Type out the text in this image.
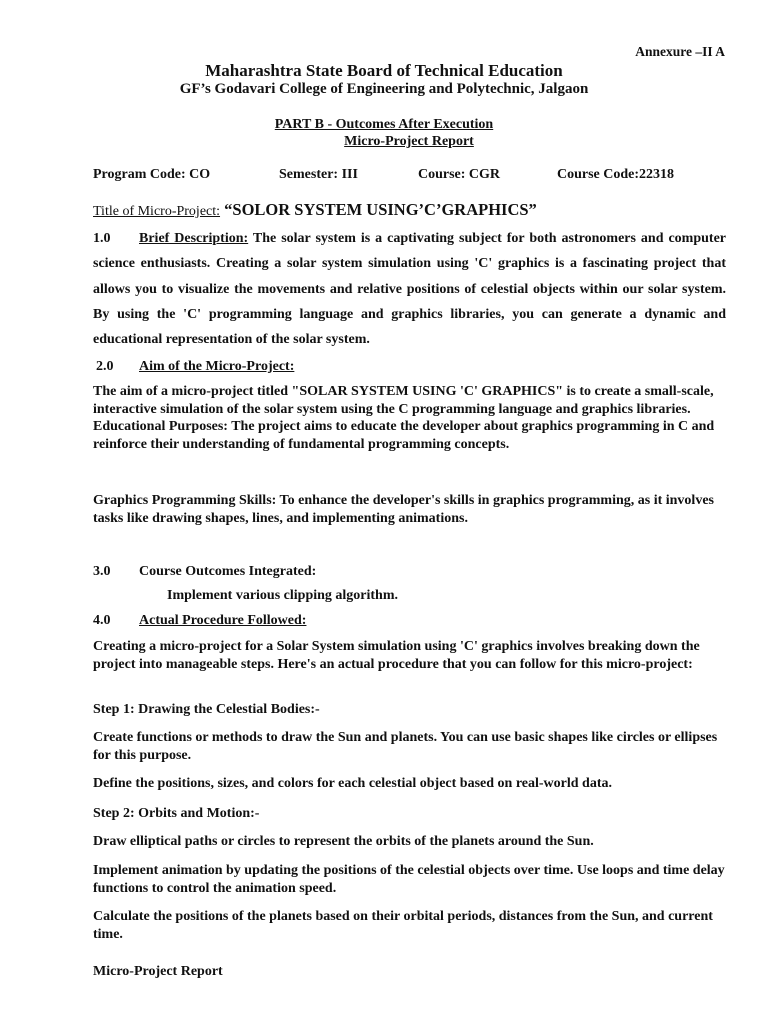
Annexure –II A
Maharashtra State Board of Technical Education
GF’s Godavari College of Engineering and Polytechnic, Jalgaon
PART B - Outcomes After Execution
Micro-Project Report
Program Code: CO	Semester: III	Course: CGR	Course Code:22318
Title of Micro-Project: “SOLOR SYSTEM USING’C’GRAPHICS”
1.0 Brief Description: The solar system is a captivating subject for both astronomers and computer science enthusiasts. Creating a solar system simulation using 'C' graphics is a fascinating project that allows you to visualize the movements and relative positions of celestial objects within our solar system. By using the 'C' programming language and graphics libraries, you can generate a dynamic and educational representation of the solar system.
2.0 Aim of the Micro-Project:
The aim of a micro-project titled "SOLAR SYSTEM USING 'C' GRAPHICS" is to create a small-scale, interactive simulation of the solar system using the C programming language and graphics libraries. Educational Purposes: The project aims to educate the developer about graphics programming in C and reinforce their understanding of fundamental programming concepts.
Graphics Programming Skills: To enhance the developer's skills in graphics programming, as it involves tasks like drawing shapes, lines, and implementing animations.
3.0 Course Outcomes Integrated:
Implement various clipping algorithm.
4.0 Actual Procedure Followed:
Creating a micro-project for a Solar System simulation using 'C' graphics involves breaking down the project into manageable steps. Here's an actual procedure that you can follow for this micro-project:
Step 1: Drawing the Celestial Bodies:-
Create functions or methods to draw the Sun and planets. You can use basic shapes like circles or ellipses for this purpose.
Define the positions, sizes, and colors for each celestial object based on real-world data.
Step 2: Orbits and Motion:-
Draw elliptical paths or circles to represent the orbits of the planets around the Sun.
Implement animation by updating the positions of the celestial objects over time. Use loops and time delay functions to control the animation speed.
Calculate the positions of the planets based on their orbital periods, distances from the Sun, and current time.
Micro-Project Report
